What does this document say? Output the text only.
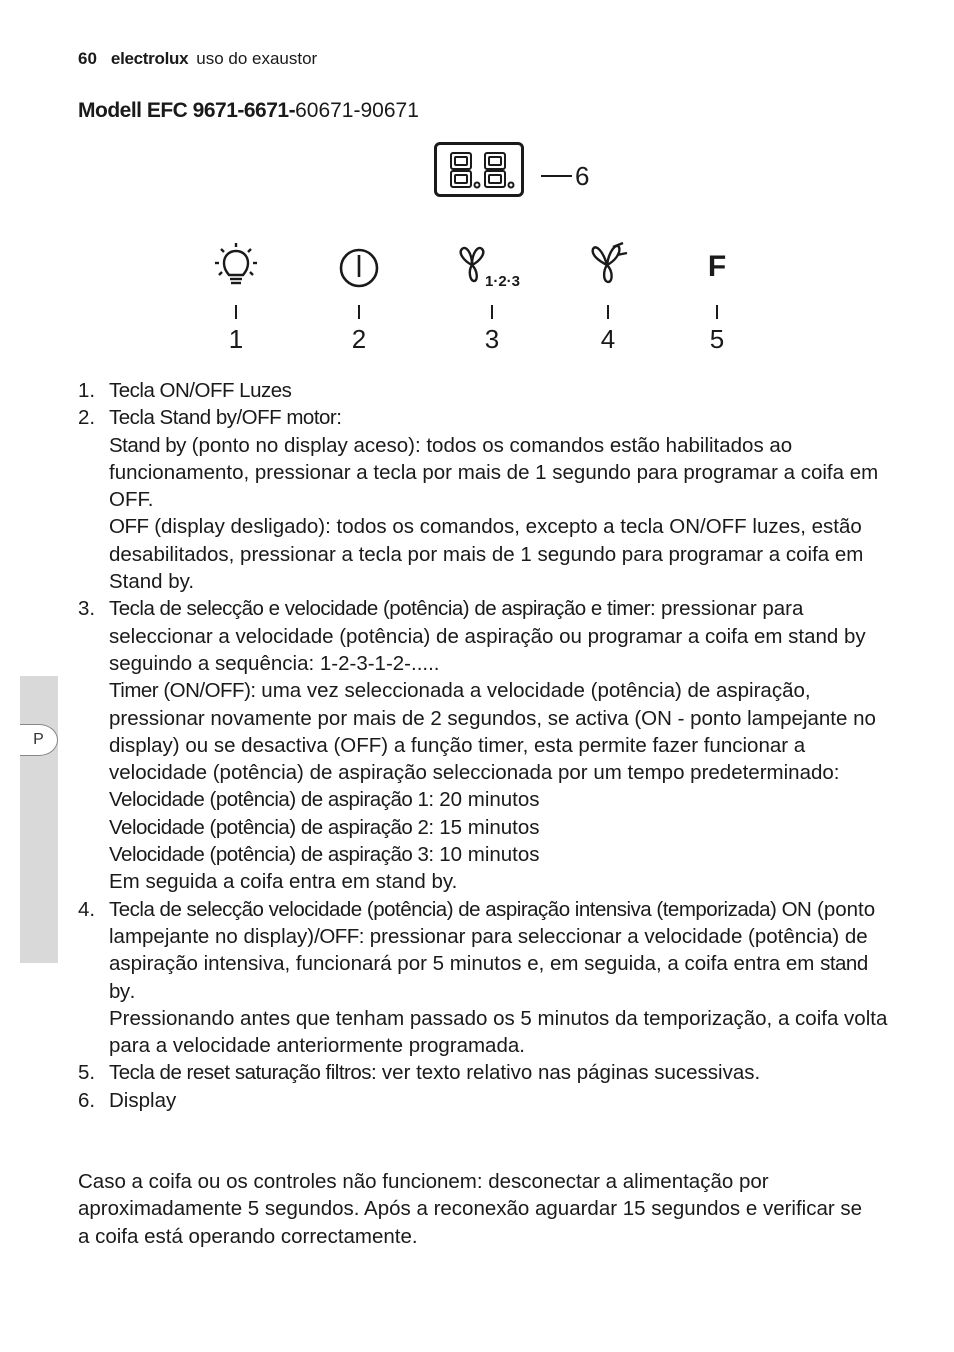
60 electrolux uso do exaustor
Modell EFC 9671-6671-60671-90671
6
1	2
1·2·3
3	4
F
5
P
1. Tecla ON/OFF Luzes
2. Tecla Stand by/OFF motor:

Stand by (ponto no display aceso): todos os comandos estão habilitados ao funcionamento, pressionar a tecla por mais de 1 segundo para programar a coifa em OFF.

OFF (display desligado): todos os comandos, excepto a tecla ON/OFF luzes, estão desabilitados, pressionar a tecla por mais de 1 segundo para programar a coifa em Stand by.

3. Tecla de selecção e velocidade (potência) de aspiração e timer: pressionar para seleccionar a velocidade (potência) de aspiração ou programar a coifa em stand by seguindo a sequência: 1-2-3-1-2-.....

Timer (ON/OFF): uma vez seleccionada a velocidade (potência) de aspiração, pressionar novamente por mais de 2 segundos, se activa (ON - ponto lampejante no display) ou se desactiva (OFF) a função timer, esta permite fazer funcionar a velocidade (potência) de aspiração seleccionada por um tempo predeterminado:

Velocidade (potência) de aspiração 1: 20 minutos

Velocidade (potência) de aspiração 2: 15 minutos

Velocidade (potência) de aspiração 3: 10 minutos

Em seguida a coifa entra em stand by.

4. Tecla de selecção velocidade (potência) de aspiração intensiva (temporizada) ON (ponto lampejante no display)/OFF: pressionar para seleccionar a velocidade (potência) de aspiração intensiva, funcionará por 5 minutos e, em seguida, a coifa entra em stand by.

Pressionando antes que tenham passado os 5 minutos da temporização, a coifa volta para a velocidade anteriormente programada.

5. Tecla de reset saturação filtros: ver texto relativo nas páginas sucessivas.
6. Display

Caso a coifa ou os controles não funcionem: desconectar a alimentação por aproximadamente 5 segundos. Após a reconexão aguardar 15 segundos e verificar se a coifa está operando correctamente.
